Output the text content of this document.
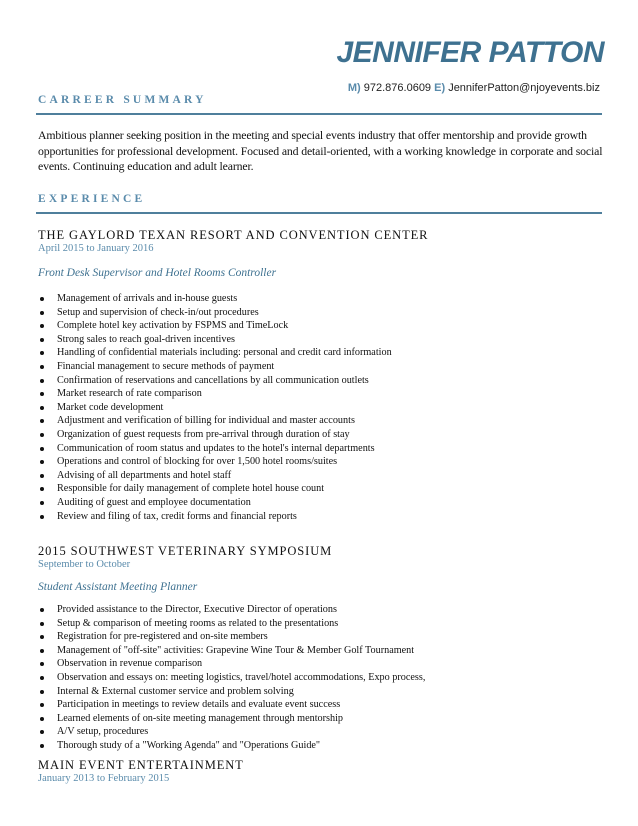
JENNIFER PATTON
M) 972.876.0609 E) JenniferPatton@njoyevents.biz
CARREER SUMMARY
Ambitious planner seeking position in the meeting and special events industry that offer mentorship and provide growth opportunities for professional development. Focused and detail-oriented, with a working knowledge in corporate and social events. Continuing education and adult learner.
EXPERIENCE
THE GAYLORD TEXAN RESORT AND CONVENTION CENTER
April 2015 to January 2016
Front Desk Supervisor and Hotel Rooms Controller
Management of arrivals and in-house guests
Setup and supervision of check-in/out procedures
Complete hotel key activation by FSPMS and TimeLock
Strong sales to reach goal-driven incentives
Handling of confidential materials including: personal and credit card information
Financial management to secure methods of payment
Confirmation of reservations and cancellations by all communication outlets
Market research of rate comparison
Market code development
Adjustment and verification of billing for individual and master accounts
Organization of guest requests from pre-arrival through duration of stay
Communication of room status and updates to the hotel's internal departments
Operations and control of blocking for over 1,500 hotel rooms/suites
Advising of all departments and hotel staff
Responsible for daily management of complete hotel house count
Auditing of guest and employee documentation
Review and filing of tax, credit forms and financial reports
2015 SOUTHWEST VETERINARY SYMPOSIUM
September to October
Student Assistant Meeting Planner
Provided assistance to the Director, Executive Director of operations
Setup & comparison of meeting rooms as related to the presentations
Registration for pre-registered and on-site members
Management of "off-site" activities: Grapevine Wine Tour & Member Golf Tournament
Observation in revenue comparison
Observation and essays on: meeting logistics, travel/hotel accommodations, Expo process,
Internal & External customer service and problem solving
Participation in meetings to review details and evaluate event success
Learned elements of on-site meeting management through mentorship
A/V setup, procedures
Thorough study of a "Working Agenda" and "Operations Guide"
MAIN EVENT ENTERTAINMENT
January 2013 to February 2015
